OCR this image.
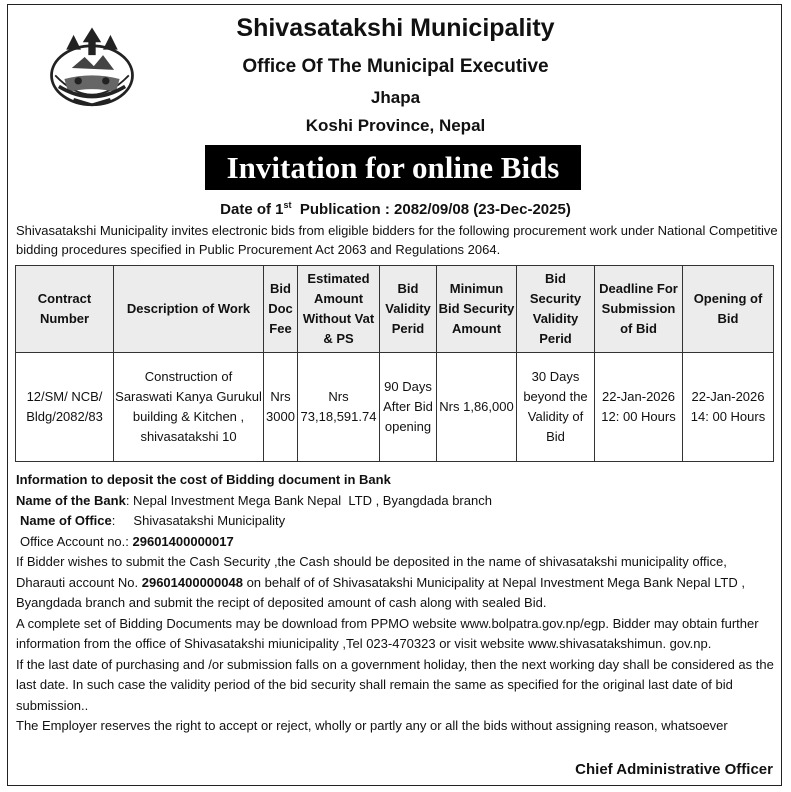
Shivasatakshi Municipality
Office Of The Municipal Executive
Jhapa
Koshi Province, Nepal
Invitation for online Bids
Date of 1st  Publication : 2082/09/08 (23-Dec-2025)
Shivasatakshi Municipality invites electronic bids from eligible bidders for the following procurement work under National Competitive bidding procedures specified in Public Procurement Act 2063 and Regulations 2064.
Contract Number	Description of Work	Bid Doc Fee	Estimated Amount Without Vat & PS	Bid Validity Perid	Minimun Bid Security Amount	Bid Security Validity Perid	Deadline For Submission of Bid	Opening of Bid
12/SM/ NCB/ Bldg/2082/83	Construction of Saraswati Kanya Gurukul building & Kitchen , shivasatakshi 10	Nrs 3000	Nrs 73,18,591.74	90 Days After Bid opening	Nrs 1,86,000	30 Days beyond the Validity of Bid	22-Jan-2026 12: 00 Hours	22-Jan-2026 14: 00 Hours

Information to deposit the cost of Bidding document in Bank

Name of the Bank: Nepal Investment Mega Bank Nepal  LTD , Byangdada branch

Name of Office:     Shivasatakshi Municipality

Office Account no.: 29601400000017

If Bidder wishes to submit the Cash Security ,the Cash should be deposited in the name of shivasatakshi municipality office, Dharauti account No. 29601400000048 on behalf of of Shivasatakshi Municipality at Nepal Investment Mega Bank Nepal LTD , Byangdada branch and submit the recipt of deposited amount of cash along with sealed Bid.

A complete set of Bidding Documents may be download from PPMO website www.bolpatra.gov.np/egp. Bidder may obtain further information from the office of Shivasatakshi miunicipality ,Tel 023-470323 or visit website www.shivasatakshimun. gov.np.

If the last date of purchasing and /or submission falls on a government holiday, then the next working day shall be considered as the last date. In such case the validity period of the bid security shall remain the same as specified for the original last date of bid submission..

The Employer reserves the right to accept or reject, wholly or partly any or all the bids without assigning reason, whatsoever

Chief Administrative Officer
